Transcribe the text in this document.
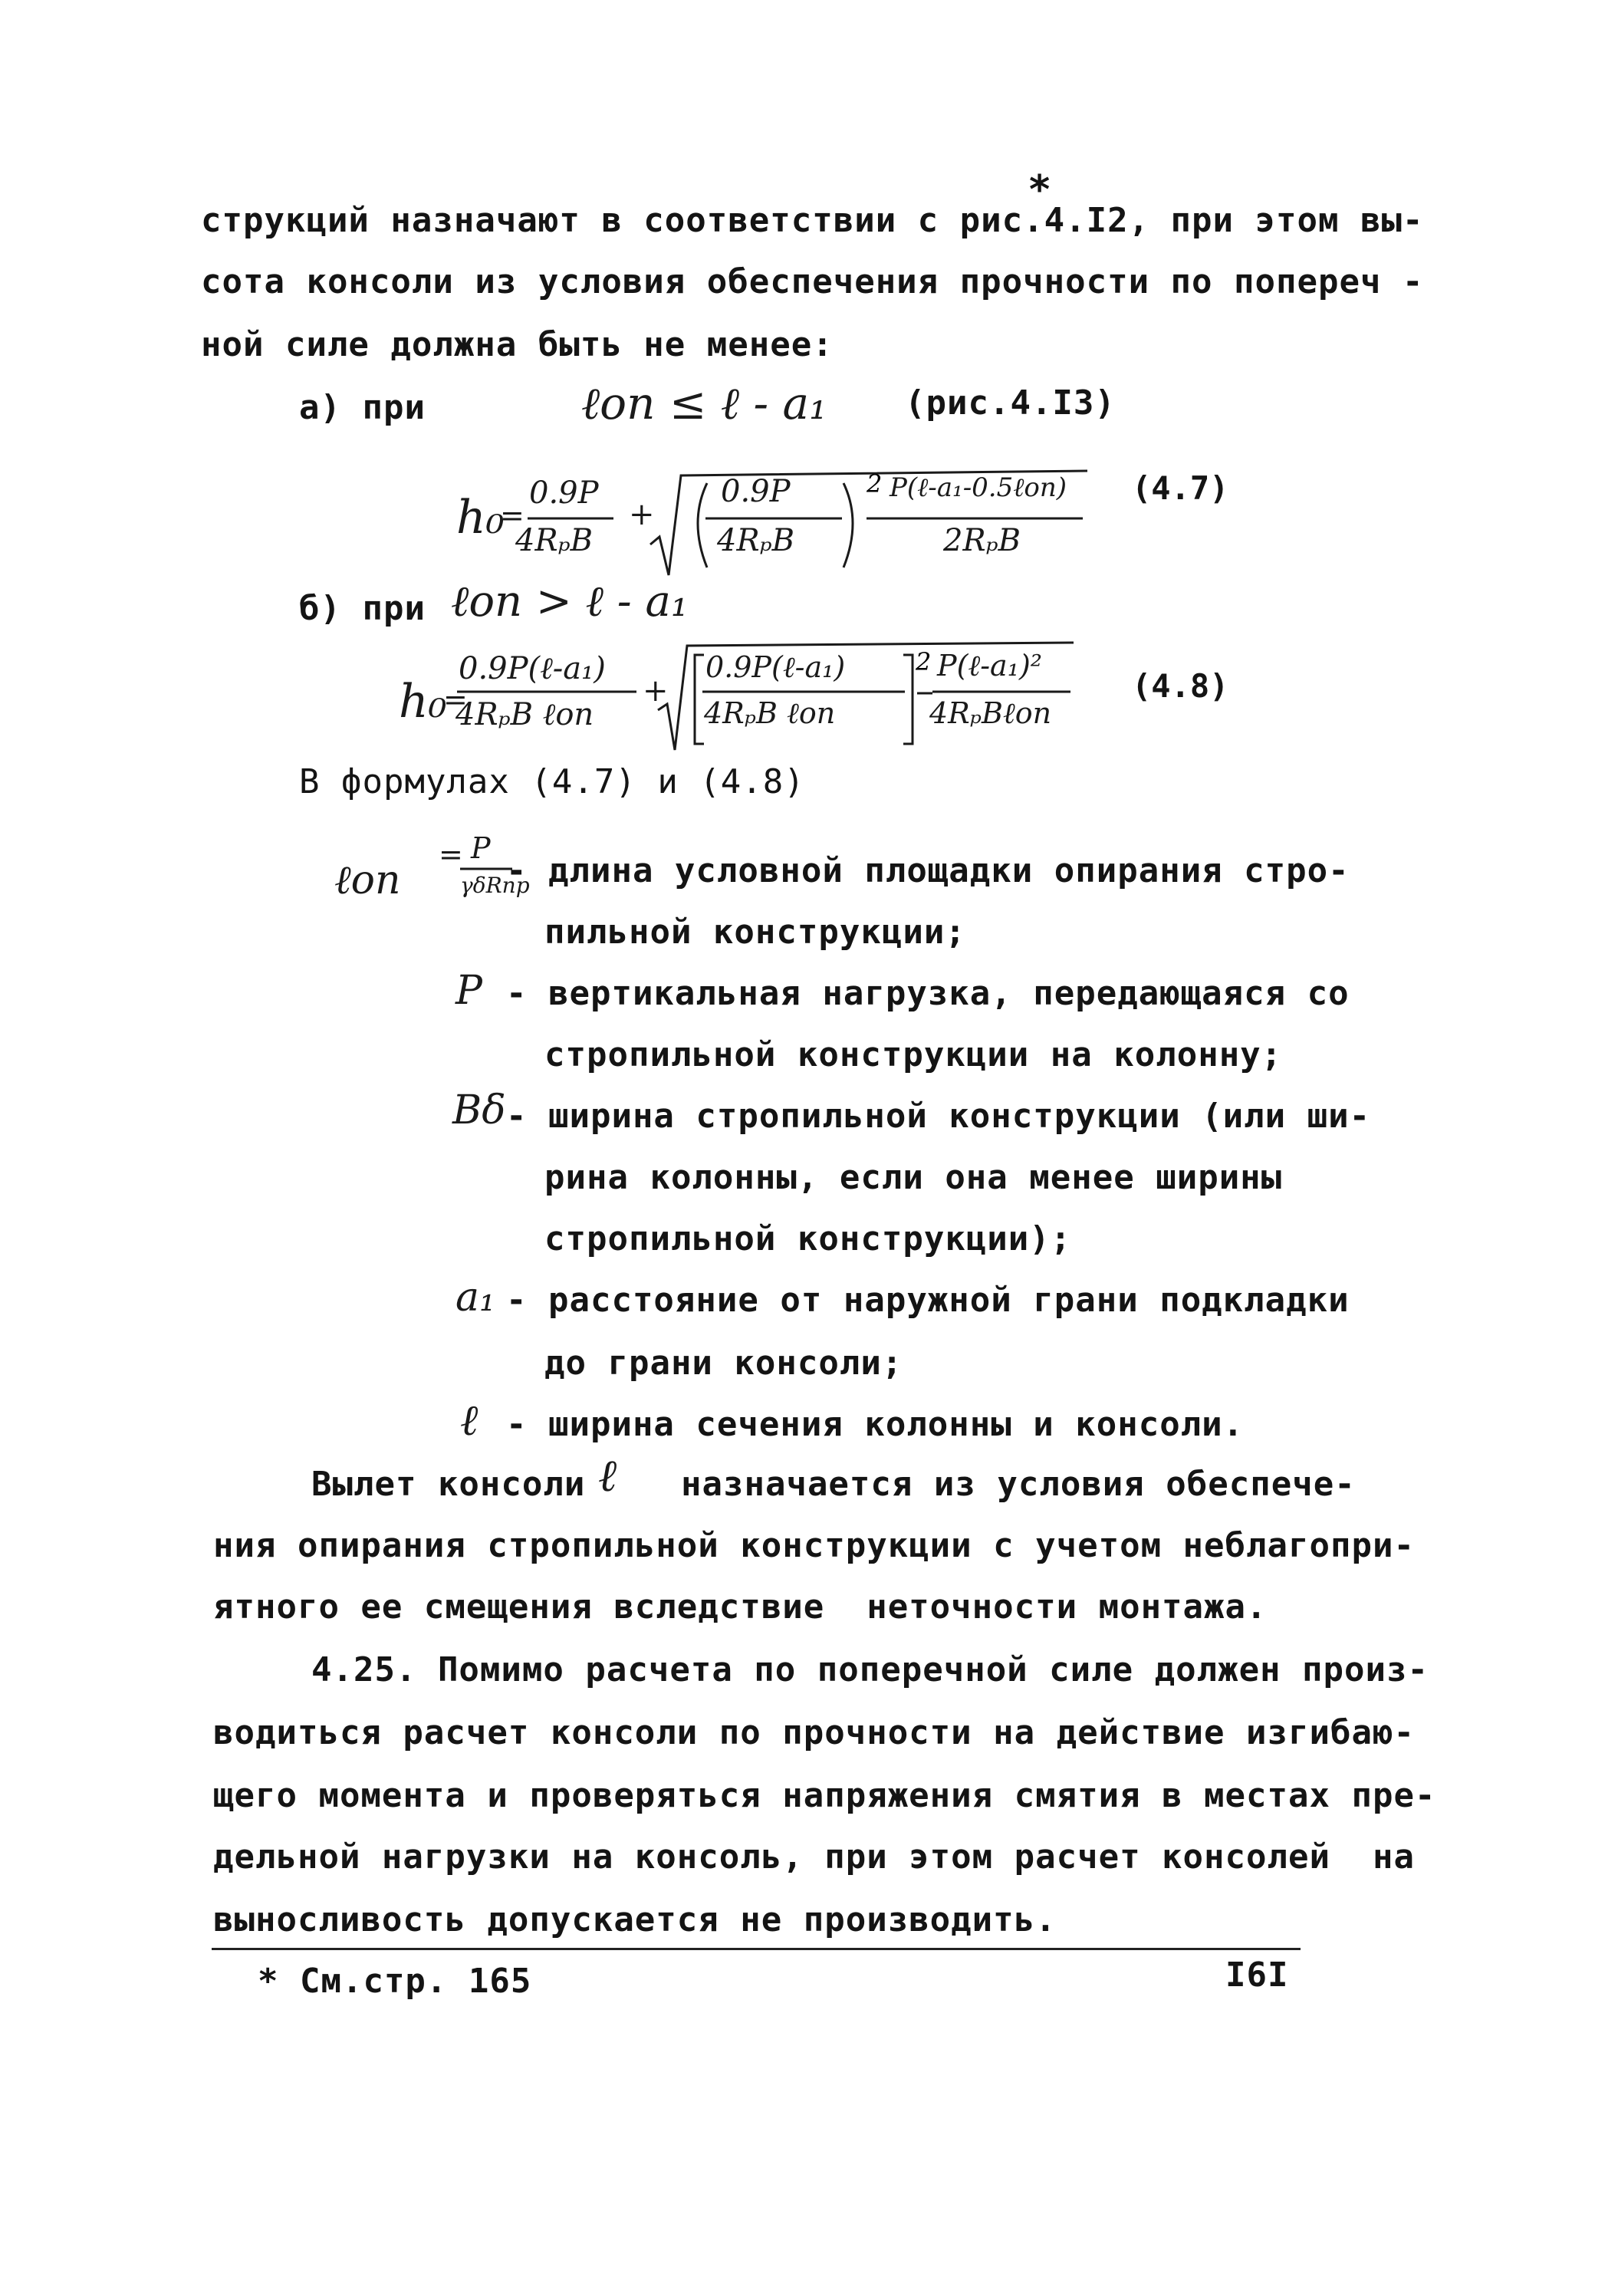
струкций назначают в соответствии с рис.4.I2, при этом вы-
*
сота консоли из условия обеспечения прочности по попереч -
ной силе должна быть не менее:
а) при	ℓоп ≤ ℓ - a₁ (рис.4.I3)
h₀
=
0.9P
4RₚB
+
0.9P
4RₚB
P(ℓ-a₁-0.5ℓоп)
2RₚB
2	(4.7)
б) при ℓоп > ℓ - a₁
h₀
=
0.9P(ℓ-a₁)
4RₚB ℓоп
+
0.9P(ℓ-a₁)
4RₚB ℓоп
P(ℓ-a₁)²
4RₚBℓоп
2
(4.8)
В формулах (4.7) и (4.8)
ℓоп
= P
γδRпр
- длина условной площадки опирания стро-
пильной конструкции;
P - вертикальная нагрузка, передающаяся со
стропильной конструкции на колонну;
Bδ - ширина стропильной конструкции (или ши-
рина колонны, если она менее ширины
стропильной конструкции);
a₁ - расстояние от наружной грани подкладки
до грани консоли;
ℓ - ширина сечения колонны и консоли.
Вылет консоли ℓ назначается из условия обеспече-
ния опирания стропильной конструкции с учетом неблагопри-
ятного ее смещения вследствие  неточности монтажа.
4.25. Помимо расчета по поперечной силе должен произ-
водиться расчет консоли по прочности на действие изгибаю-
щего момента и проверяться напряжения смятия в местах пре-
дельной нагрузки на консоль, при этом расчет консолей  на
выносливость допускается не производить.
* См.стр. 165	I6I
